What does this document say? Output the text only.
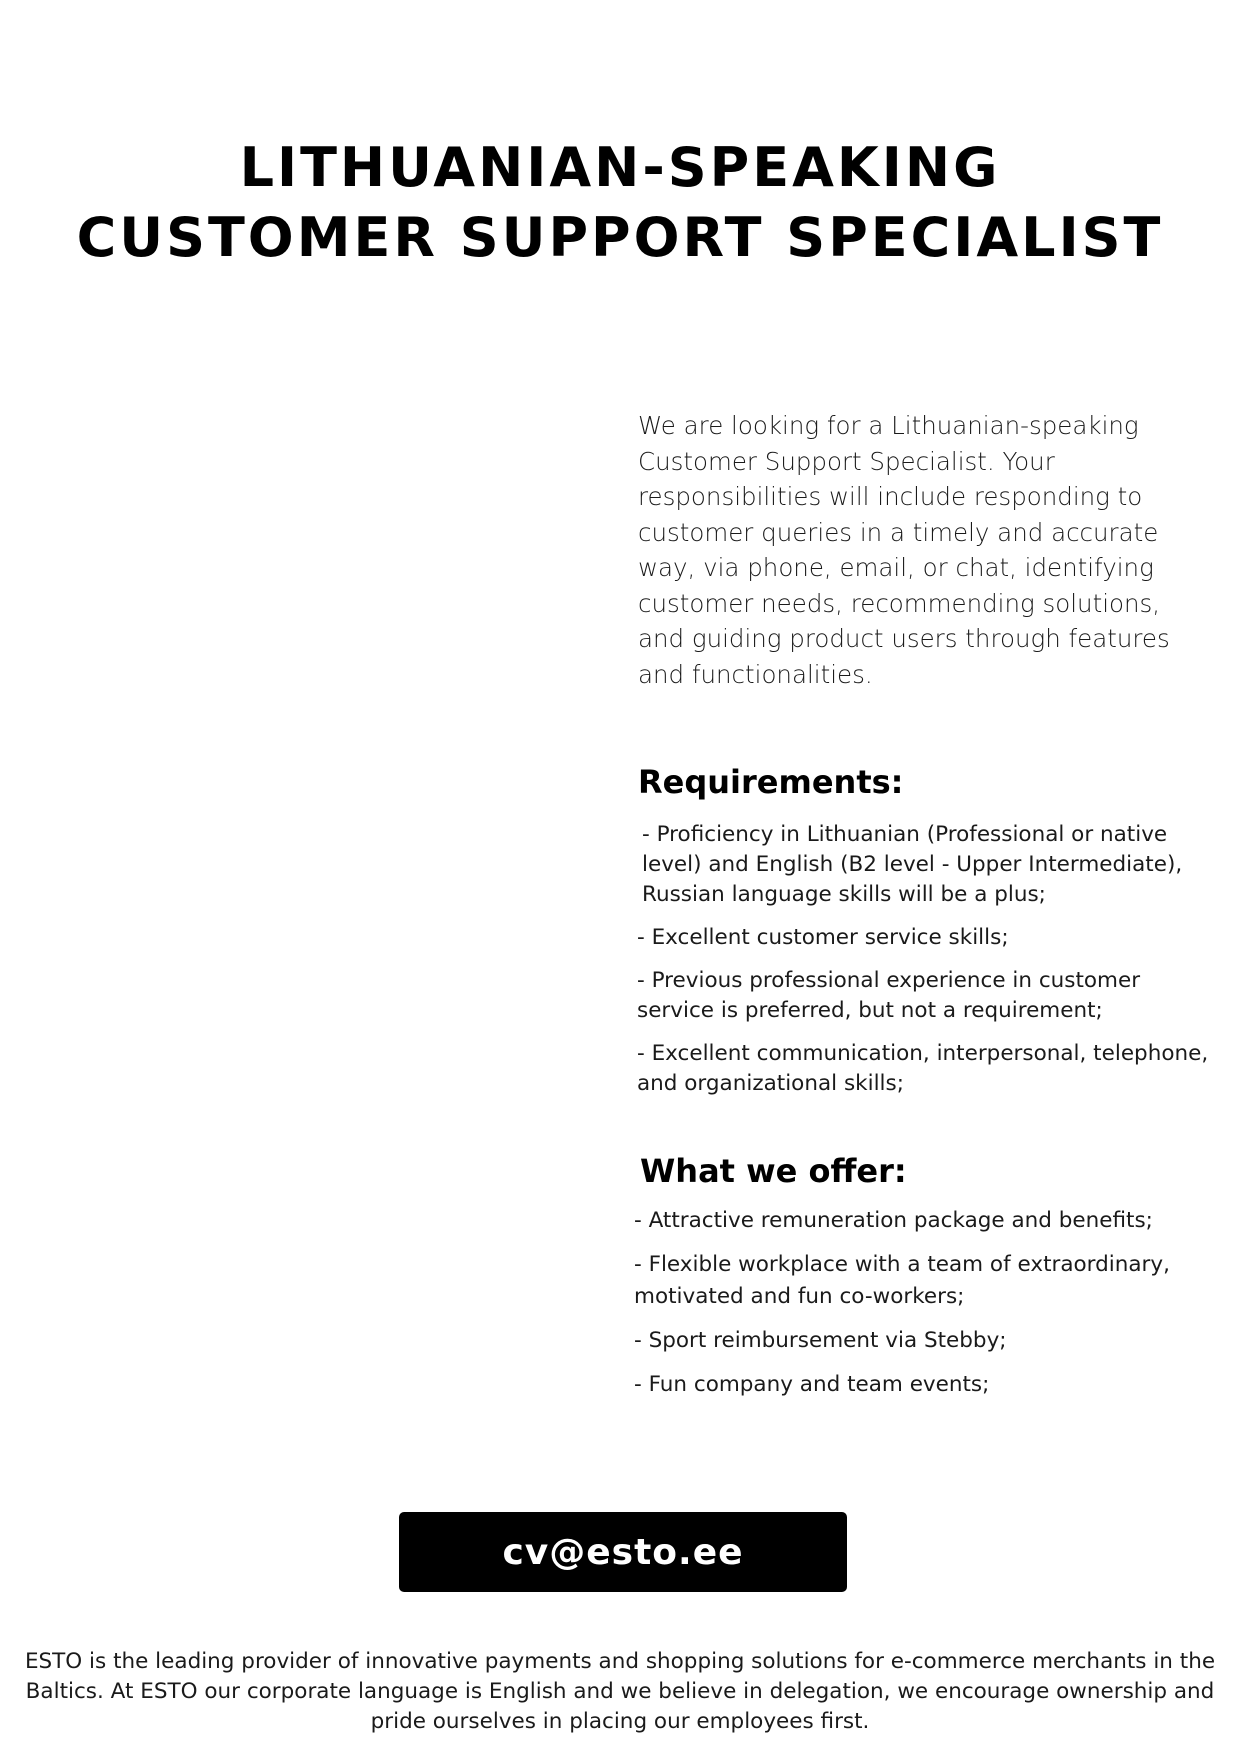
LITHUANIAN-SPEAKING
CUSTOMER SUPPORT SPECIALIST

We are looking for a Lithuanian-speaking Customer Support Specialist. Your responsibilities will include responding to customer queries in a timely and accurate way, via phone, email, or chat, identifying customer needs, recommending solutions, and guiding product users through features and functionalities.

Requirements:
- Proficiency in Lithuanian (Professional or native level) and English (B2 level - Upper Intermediate), Russian language skills will be a plus;
- Excellent customer service skills;
- Previous professional experience in customer service is preferred, but not a requirement;
- Excellent communication, interpersonal, telephone, and organizational skills;
What we offer:
- Attractive remuneration package and benefits;
- Flexible workplace with a team of extraordinary, motivated and fun co-workers;
- Sport reimbursement via Stebby;
- Fun company and team events;
cv@esto.ee

ESTO is the leading provider of innovative payments and shopping solutions for e-commerce merchants in the Baltics. At ESTO our corporate language is English and we believe in delegation, we encourage ownership and pride ourselves in placing our employees first.
